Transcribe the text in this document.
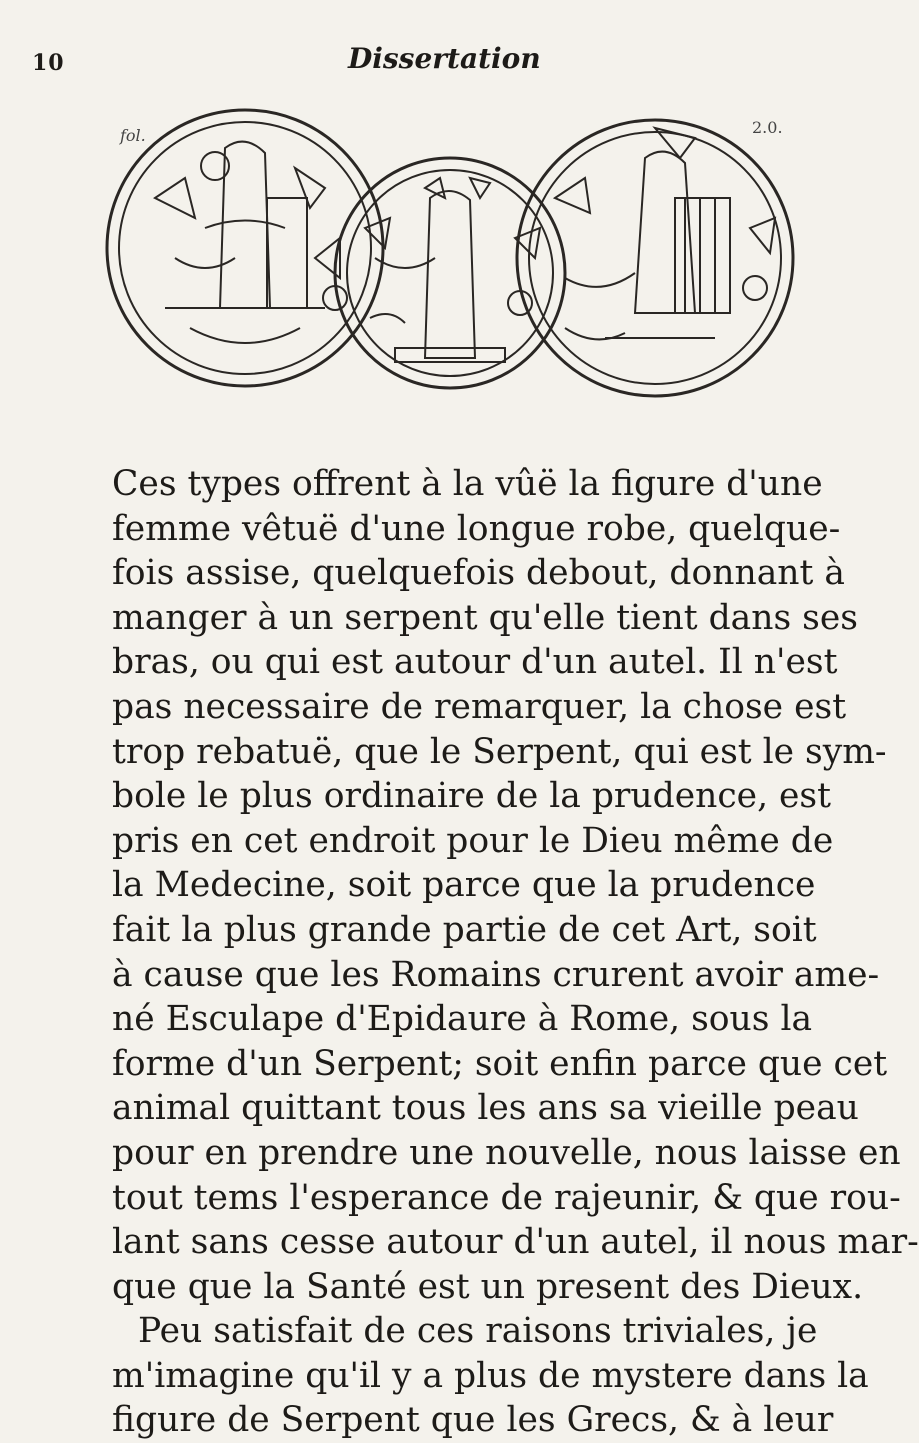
10	Dissertation
fol.	2.0.

Ces types offrent à la vûë la figure d'une
femme vêtuë d'une longue robe, quelque-
fois assise, quelquefois debout, donnant à
manger à un serpent qu'elle tient dans ses
bras, ou qui est autour d'un autel. Il n'est
pas necessaire de remarquer, la chose est
trop rebatuë, que le Serpent, qui est le sym-
bole le plus ordinaire de la prudence, est
pris en cet endroit pour le Dieu même de
la Medecine, soit parce que la prudence
fait la plus grande partie de cet Art, soit
à cause que les Romains crurent avoir ame-
né Esculape d'Epidaure à Rome, sous la
forme d'un Serpent; soit enfin parce que cet
animal quittant tous les ans sa vieille peau
pour en prendre une nouvelle, nous laisse en
tout tems l'esperance de rajeunir, & que rou-
lant sans cesse autour d'un autel, il nous mar-
que que la Santé est un present des Dieux.
Peu satisfait de ces raisons triviales, je
m'imagine qu'il y a plus de mystere dans la
figure de Serpent que les Grecs, & à leur
